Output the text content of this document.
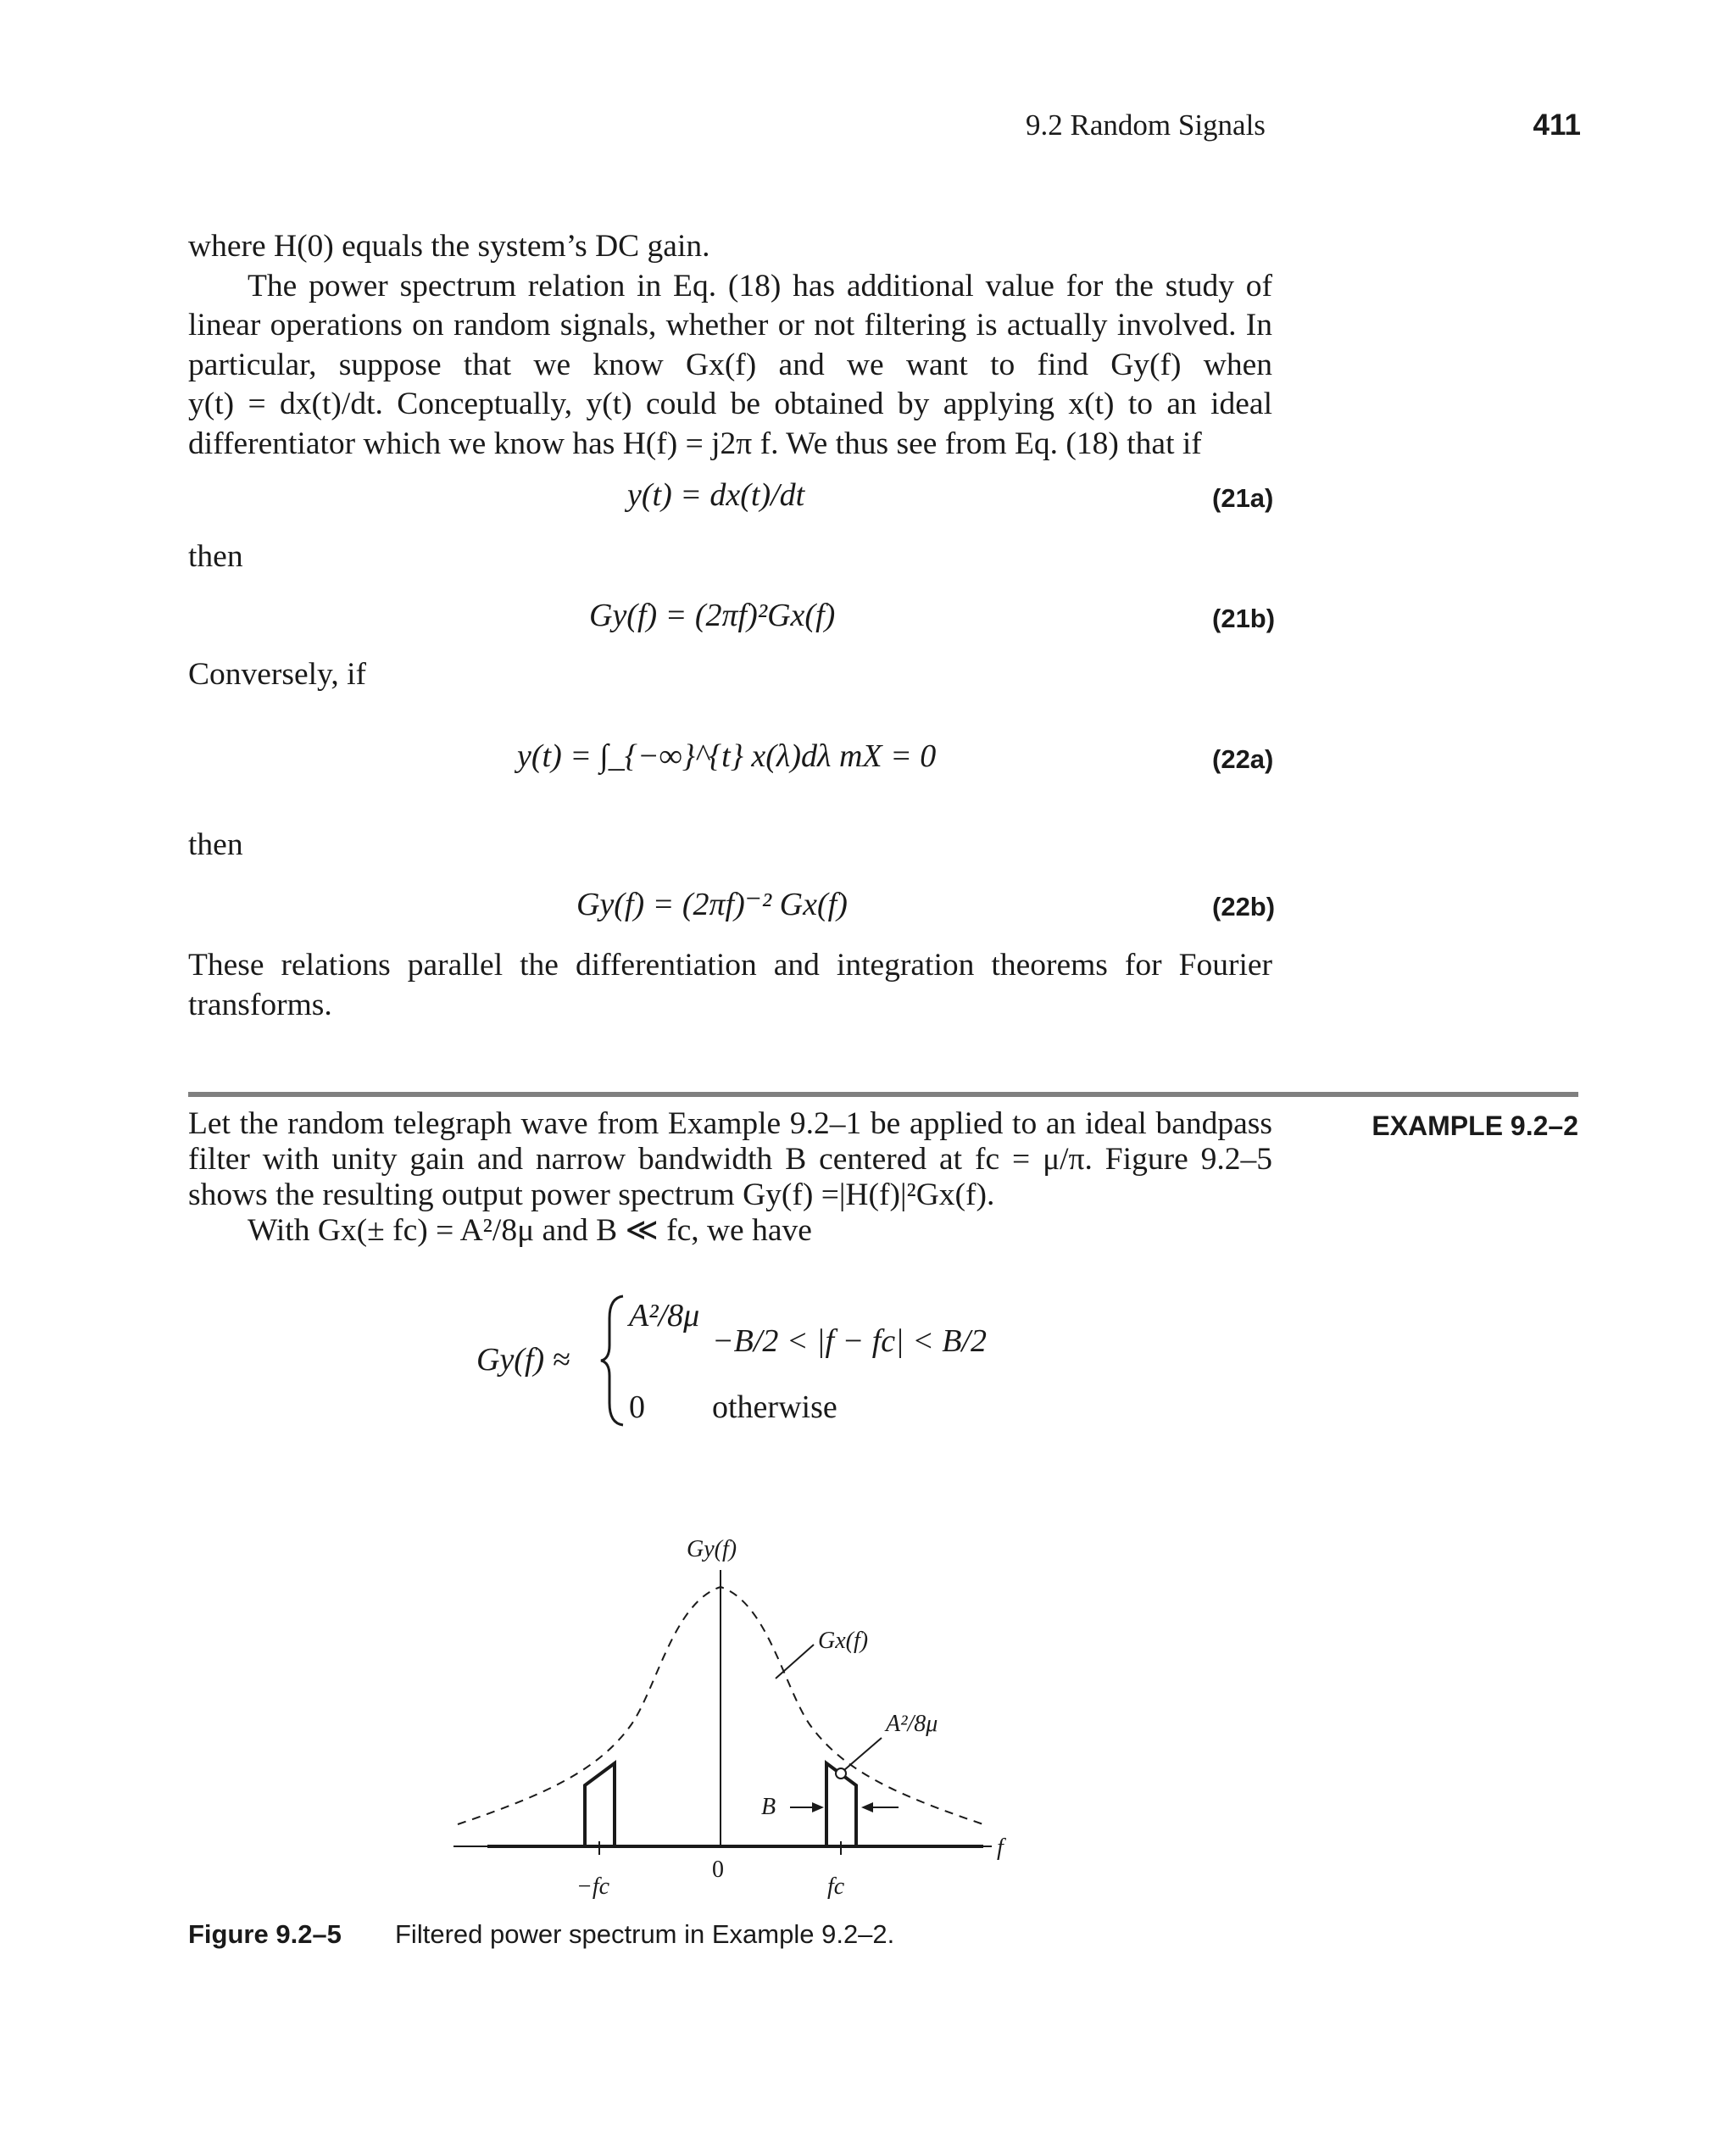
9.2 Random Signals	411
where H(0) equals the system’s DC gain.
The power spectrum relation in Eq. (18) has additional value for the study of
linear operations on random signals, whether or not filtering is actually involved. In
particular, suppose that we know Gx(f) and we want to find Gy(f) when
y(t) = dx(t)/dt. Conceptually, y(t) could be obtained by applying x(t) to an ideal
differentiator which we know has H(f) = j2π f. We thus see from Eq. (18) that if
y(t) = dx(t)/dt	(21a)
then
Gy(f) = (2πf)²Gx(f)	(21b)
Conversely, if
y(t) = ∫_{−∞}^{t} x(λ)dλ mX = 0	(22a)
then
Gy(f) = (2πf)⁻² Gx(f)	(22b)
These relations parallel the differentiation and integration theorems for Fourier
transforms.
EXAMPLE 9.2–2
Let the random telegraph wave from Example 9.2–1 be applied to an ideal bandpass
filter with unity gain and narrow bandwidth B centered at fc = μ/π. Figure 9.2–5
shows the resulting output power spectrum Gy(f) =|H(f)|²Gx(f).
With Gx(± fc) = A²/8μ and B ≪ fc, we have
Gy(f) ≈
A²/8μ
−B/2 < |f − fc| < B/2
0 otherwise
Gy(f)
Gx(f)
A²/8μ
B
f
−fc
0
fc
Figure 9.2–5 Filtered power spectrum in Example 9.2–2.
